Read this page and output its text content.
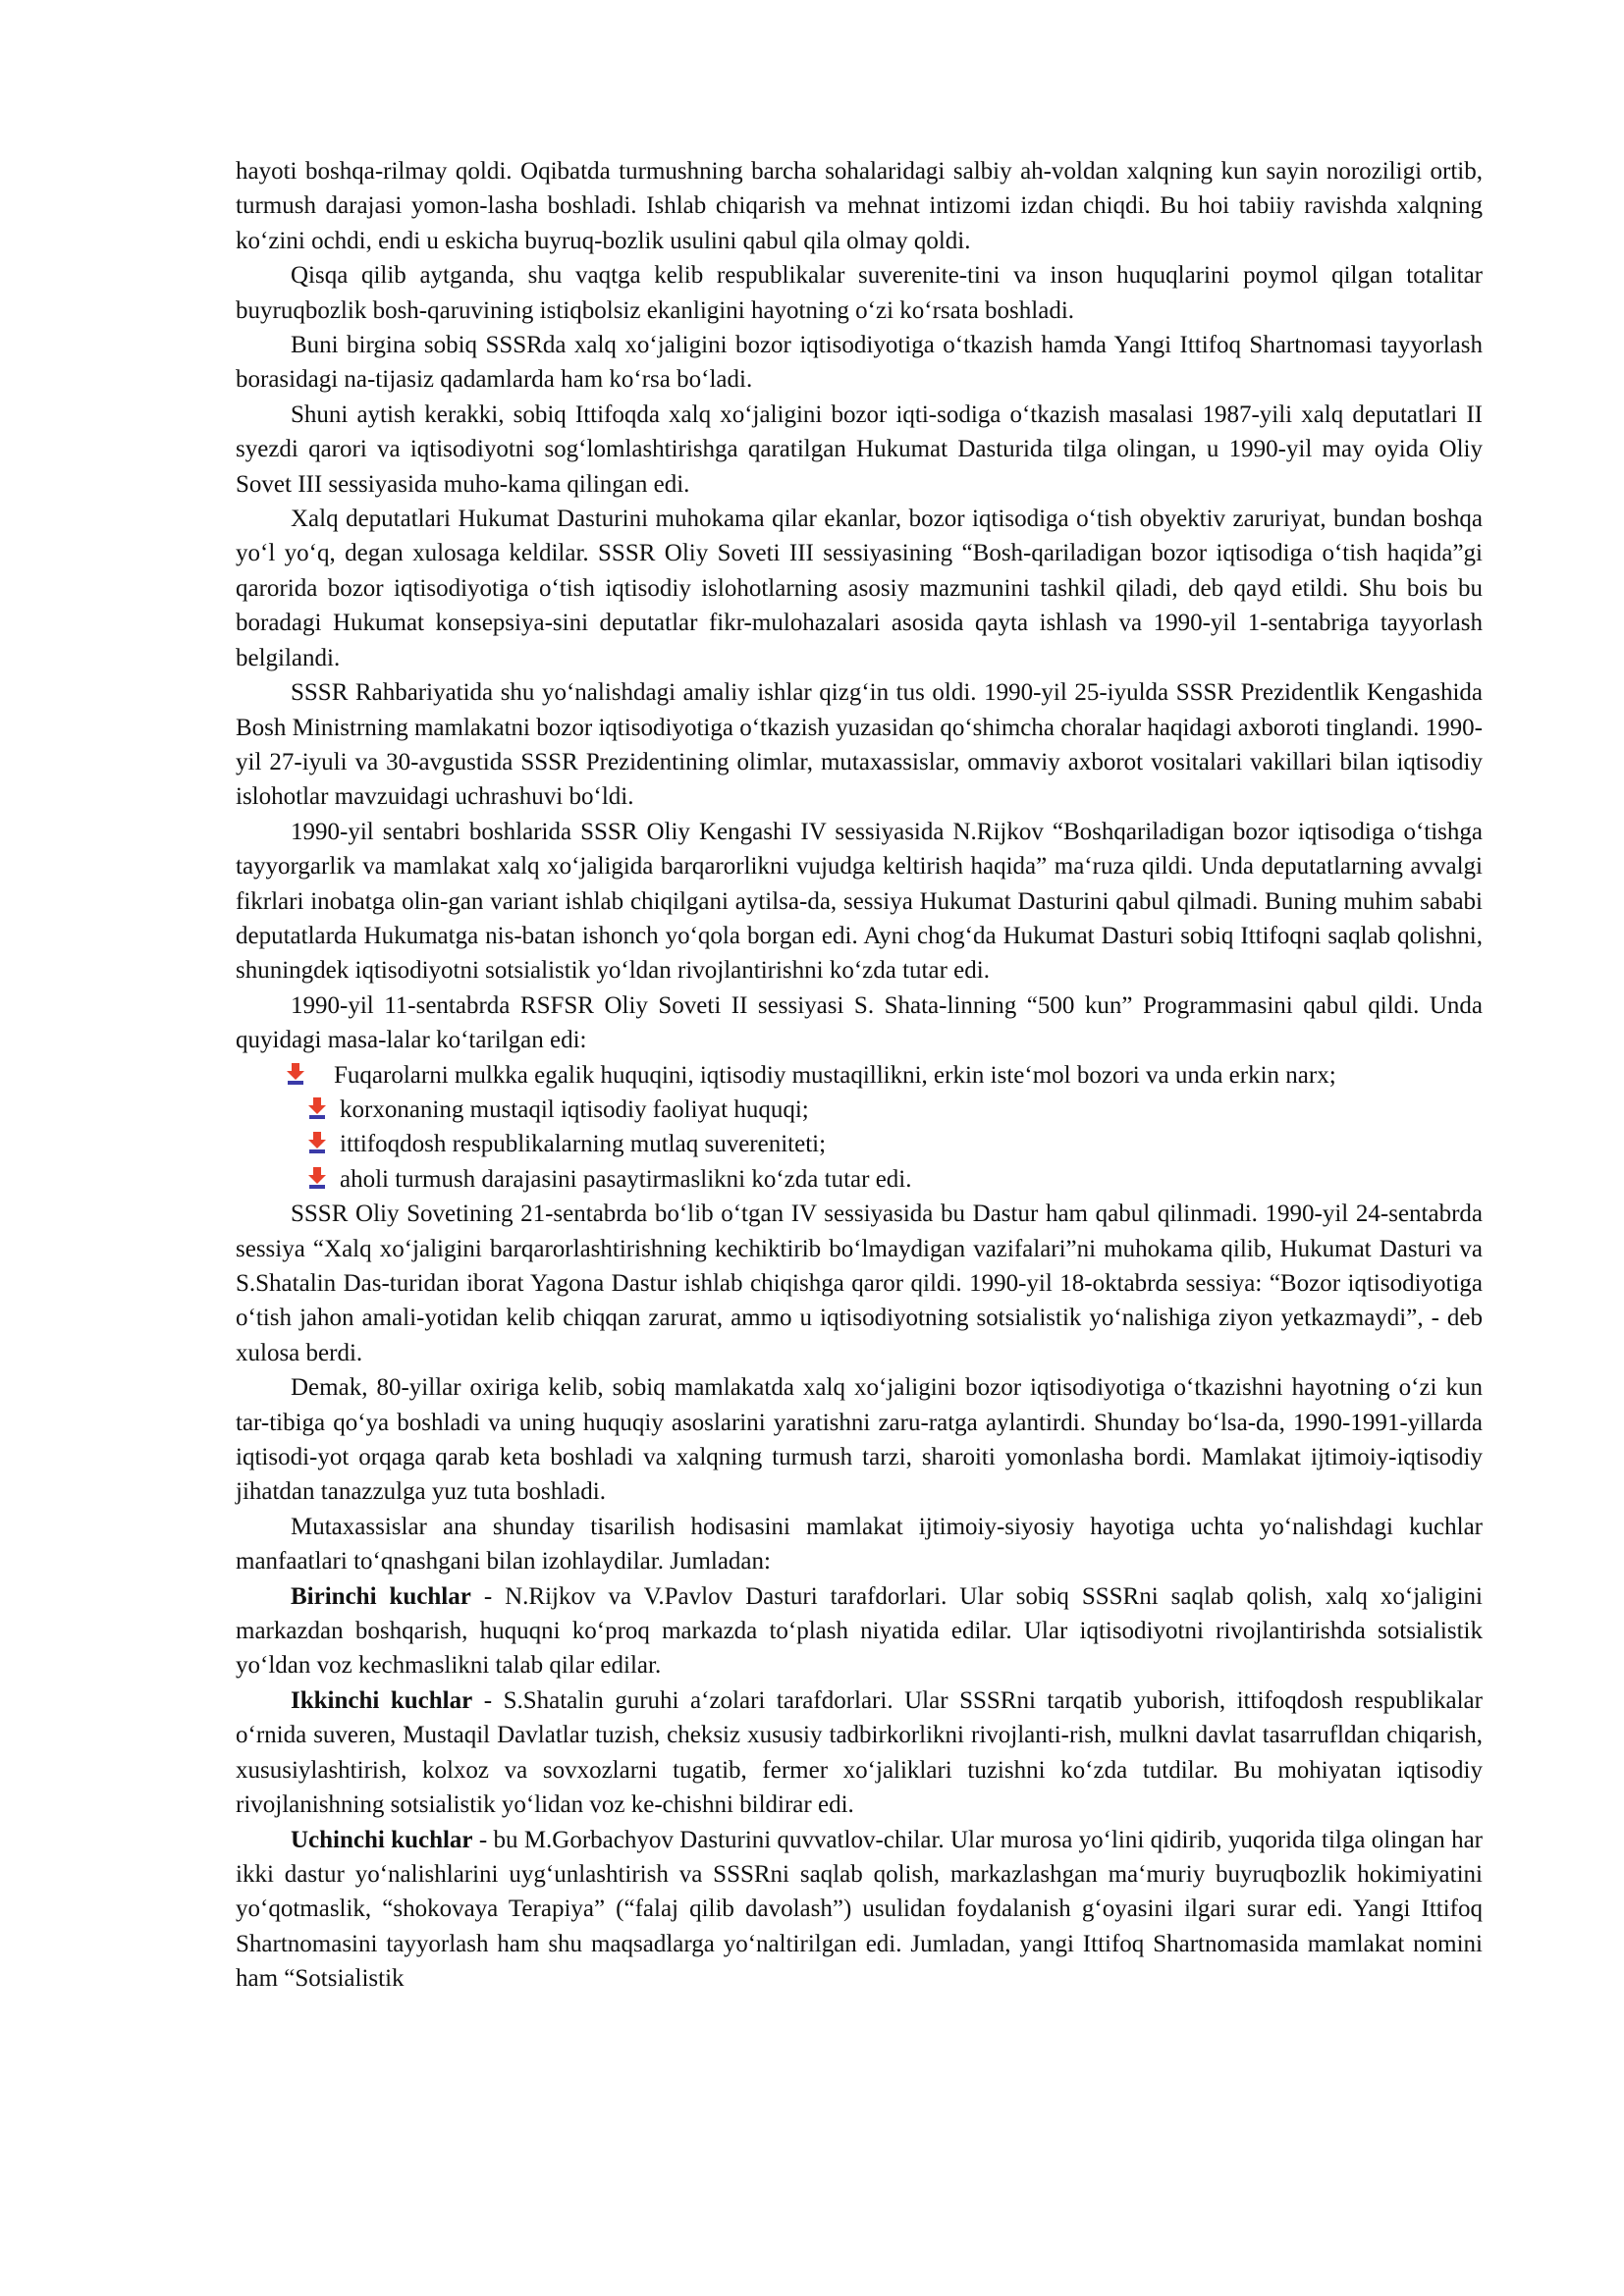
hayoti boshqa-rilmay qoldi. Oqibatda turmushning barcha sohalaridagi salbiy ah-voldan xalqning kun sayin noroziligi ortib, turmush darajasi yomon-lasha boshladi. Ishlab chiqarish va mehnat intizomi izdan chiqdi. Bu hoi tabiiy ravishda xalqning ko‘zini ochdi, endi u eskicha buyruq-bozlik usulini qabul qila olmay qoldi.

Qisqa qilib aytganda, shu vaqtga kelib respublikalar suverenite-tini va inson huquqlarini poymol qilgan totalitar buyruqbozlik bosh-qaruvining istiqbolsiz ekanligini hayotning o‘zi ko‘rsata boshladi.

Buni birgina sobiq SSSRda xalq xo‘jaligini bozor iqtisodiyotiga o‘tkazish hamda Yangi Ittifoq Shartnomasi tayyorlash borasidagi na-tijasiz qadamlarda ham ko‘rsa bo‘ladi.

Shuni aytish kerakki, sobiq Ittifoqda xalq xo‘jaligini bozor iqti-sodiga o‘tkazish masalasi 1987-yili xalq deputatlari II syezdi qarori va iqtisodiyotni sog‘lomlashtirishga qaratilgan Hukumat Dasturida tilga olingan, u 1990-yil may oyida Oliy Sovet III sessiyasida muho-kama qilingan edi.

Xalq deputatlari Hukumat Dasturini muhokama qilar ekanlar, bozor iqtisodiga o‘tish obyektiv zaruriyat, bundan boshqa yo‘l yo‘q, degan xulosaga keldilar. SSSR Oliy Soveti III sessiyasining “Bosh-qariladigan bozor iqtisodiga o‘tish haqida”gi qarorida bozor iqtisodiyotiga o‘tish iqtisodiy islohotlarning asosiy mazmunini tashkil qiladi, deb qayd etildi. Shu bois bu boradagi Hukumat konsepsiya-sini deputatlar fikr-mulohazalari asosida qayta ishlash va 1990-yil 1-sentabriga tayyorlash belgilandi.

SSSR Rahbariyatida shu yo‘nalishdagi amaliy ishlar qizg‘in tus oldi. 1990-yil 25-iyulda SSSR Prezidentlik Kengashida Bosh Ministrning mamlakatni bozor iqtisodiyotiga o‘tkazish yuzasidan qo‘shimcha choralar haqidagi axboroti tinglandi. 1990-yil 27-iyuli va 30-avgustida SSSR Prezidentining olimlar, mutaxassislar, ommaviy axborot vositalari vakillari bilan iqtisodiy islohotlar mavzuidagi uchrashuvi bo‘ldi.

1990-yil sentabri boshlarida SSSR Oliy Kengashi IV sessiyasida N.Rijkov “Boshqariladigan bozor iqtisodiga o‘tishga tayyorgarlik va mamlakat xalq xo‘jaligida barqarorlikni vujudga keltirish haqida” ma‘ruza qildi. Unda deputatlarning avvalgi fikrlari inobatga olin-gan variant ishlab chiqilgani aytilsa-da, sessiya Hukumat Dasturini qabul qilmadi. Buning muhim sababi deputatlarda Hukumatga nis-batan ishonch yo‘qola borgan edi. Ayni chog‘da Hukumat Dasturi sobiq Ittifoqni saqlab qolishni, shuningdek iqtisodiyotni sotsialistik yo‘ldan rivojlantirishni ko‘zda tutar edi.

1990-yil 11-sentabrda RSFSR Oliy Soveti II sessiyasi S. Shata-linning “500 kun” Programmasini qabul qildi. Unda quyidagi masa-lalar ko‘tarilgan edi:

Fuqarolarni mulkka egalik huquqini, iqtisodiy mustaqillikni, erkin iste‘mol bozori va unda erkin narx;
korxonaning mustaqil iqtisodiy faoliyat huquqi;
ittifoqdosh respublikalarning mutlaq suvereniteti;
aholi turmush darajasini pasaytirmaslikni ko‘zda tutar edi.

SSSR Oliy Sovetining 21-sentabrda bo‘lib o‘tgan IV sessiyasida bu Dastur ham qabul qilinmadi. 1990-yil 24-sentabrda sessiya “Xalq xo‘jaligini barqarorlashtirishning kechiktirib bo‘lmaydigan vazifalari”ni muhokama qilib, Hukumat Dasturi va S.Shatalin Das-turidan iborat Yagona Dastur ishlab chiqishga qaror qildi. 1990-yil 18-oktabrda sessiya: “Bozor iqtisodiyotiga o‘tish jahon amali-yotidan kelib chiqqan zarurat, ammo u iqtisodiyotning sotsialistik yo‘nalishiga ziyon yetkazmaydi”, - deb xulosa berdi.

Demak, 80-yillar oxiriga kelib, sobiq mamlakatda xalq xo‘jaligini bozor iqtisodiyotiga o‘tkazishni hayotning o‘zi kun tar-tibiga qo‘ya boshladi va uning huquqiy asoslarini yaratishni zaru-ratga aylantirdi. Shunday bo‘lsa-da, 1990-1991-yillarda iqtisodi-yot orqaga qarab keta boshladi va xalqning turmush tarzi, sharoiti yomonlasha bordi. Mamlakat ijtimoiy-iqtisodiy jihatdan tanazzulga yuz tuta boshladi.

Mutaxassislar ana shunday tisarilish hodisasini mamlakat ijtimoiy-siyosiy hayotiga uchta yo‘nalishdagi kuchlar manfaatlari to‘qnashgani bilan izohlaydilar. Jumladan:

Birinchi kuchlar - N.Rijkov va V.Pavlov Dasturi tarafdorlari. Ular sobiq SSSRni saqlab qolish, xalq xo‘jaligini markazdan boshqarish, huquqni ko‘proq markazda to‘plash niyatida edilar. Ular iqtisodiyotni rivojlantirishda sotsialistik yo‘ldan voz kechmaslikni talab qilar edilar.

Ikkinchi kuchlar - S.Shatalin guruhi a‘zolari tarafdorlari. Ular SSSRni tarqatib yuborish, ittifoqdosh respublikalar o‘rnida suveren, Mustaqil Davlatlar tuzish, cheksiz xususiy tadbirkorlikni rivojlanti-rish, mulkni davlat tasarrufldan chiqarish, xususiylashtirish, kolxoz va sovxozlarni tugatib, fermer xo‘jaliklari tuzishni ko‘zda tutdilar. Bu mohiyatan iqtisodiy rivojlanishning sotsialistik yo‘lidan voz ke-chishni bildirar edi.

Uchinchi kuchlar - bu M.Gorbachyov Dasturini quvvatlov-chilar. Ular murosa yo‘lini qidirib, yuqorida tilga olingan har ikki dastur yo‘nalishlarini uyg‘unlashtirish va SSSRni saqlab qolish, markazlashgan ma‘muriy buyruqbozlik hokimiyatini yo‘qotmaslik, “shokovaya Terapiya” (“falaj qilib davolash”) usulidan foydalanish g‘oyasini ilgari surar edi. Yangi Ittifoq Shartnomasini tayyorlash ham shu maqsadlarga yo‘naltirilgan edi. Jumladan, yangi Ittifoq Shartnomasida mamlakat nomini ham “Sotsialistik
